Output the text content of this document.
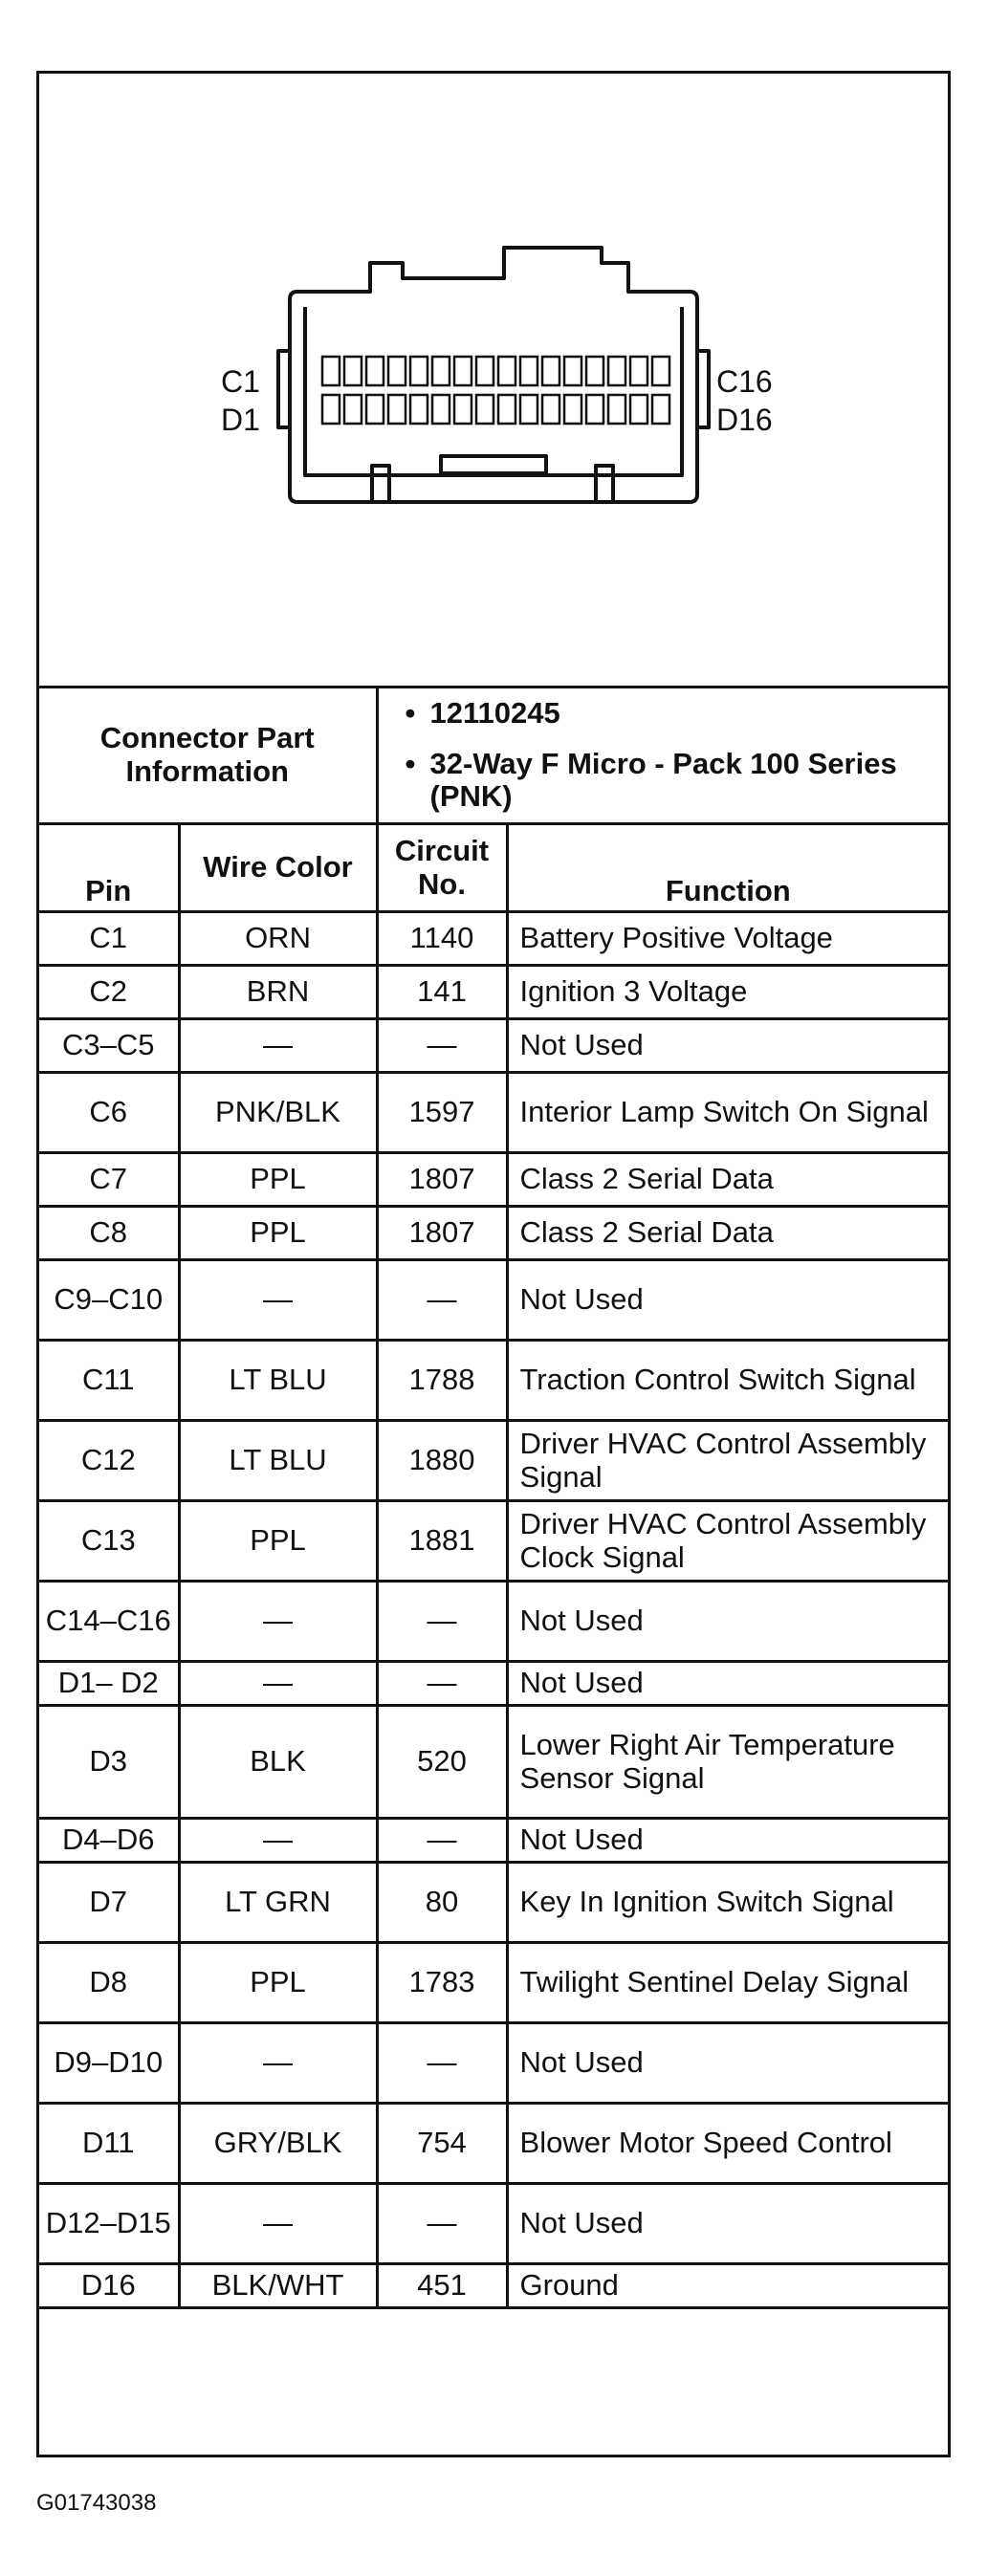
C1
D1
C16
D16
Connector Part Information		• 12110245
• 32-Way F Micro - Pack 100 Series (PNK)

Pin	Wire Color	Circuit No.	Function
C1	ORN	1140	Battery Positive Voltage
C2	BRN	141	Ignition 3 Voltage
C3–C5	—	—	Not Used
C6	PNK/BLK	1597	Interior Lamp Switch On Signal
C7	PPL	1807	Class 2 Serial Data
C8	PPL	1807	Class 2 Serial Data
C9–C10	—	—	Not Used
C11	LT BLU	1788	Traction Control Switch Signal
C12	LT BLU	1880	Driver HVAC Control Assembly Signal
C13	PPL	1881	Driver HVAC Control Assembly Clock Signal
C14–C16	—	—	Not Used
D1– D2	—	—	Not Used
D3	BLK	520	Lower Right Air Temperature Sensor Signal
D4–D6	—	—	Not Used
D7	LT GRN	80	Key In Ignition Switch Signal
D8	PPL	1783	Twilight Sentinel Delay Signal
D9–D10	—	—	Not Used
D11	GRY/BLK	754	Blower Motor Speed Control
D12–D15	—	—	Not Used
D16	BLK/WHT	451	Ground
G01743038
